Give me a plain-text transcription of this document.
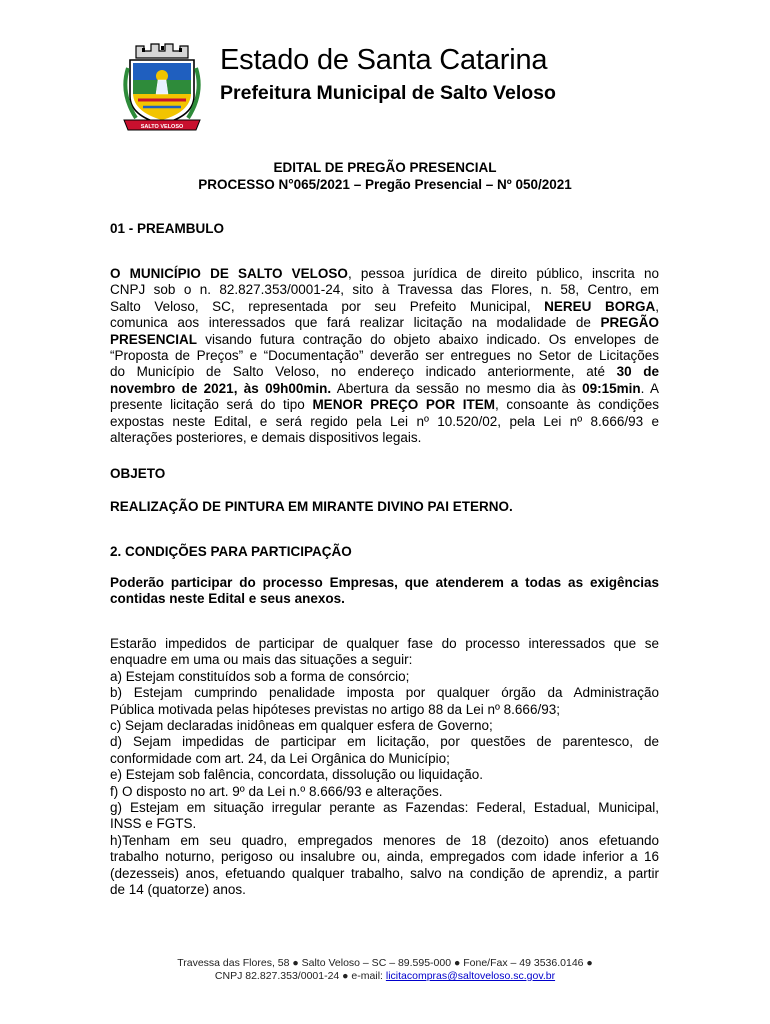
SALTO VELOSO
Estado de Santa Catarina
Prefeitura Municipal de Salto Veloso
EDITAL DE PREGÃO PRESENCIAL
PROCESSO N°065/2021 – Pregão Presencial – Nº 050/2021
01 - PREAMBULO
O MUNICÍPIO DE SALTO VELOSO, pessoa jurídica de direito público, inscrita no
CNPJ sob o n. 82.827.353/0001-24, sito à Travessa das Flores, n. 58, Centro, em
Salto Veloso, SC, representada por seu Prefeito Municipal, NEREU BORGA,
comunica aos interessados que fará realizar licitação na modalidade de PREGÃO
PRESENCIAL visando futura contração do objeto abaixo indicado. Os envelopes de
“Proposta de Preços” e “Documentação” deverão ser entregues no Setor de Licitações
do Município de Salto Veloso, no endereço indicado anteriormente, até 30 de
novembro de 2021, às 09h00min. Abertura da sessão no mesmo dia às 09:15min. A
presente licitação será do tipo MENOR PREÇO POR ITEM, consoante às condições
expostas neste Edital, e será regido pela Lei nº 10.520/02, pela Lei nº 8.666/93 e
alterações posteriores, e demais dispositivos legais.
OBJETO
REALIZAÇÃO DE PINTURA EM MIRANTE DIVINO PAI ETERNO.
2. CONDIÇÕES PARA PARTICIPAÇÃO
Poderão participar do processo Empresas, que atenderem a todas as exigências
contidas neste Edital e seus anexos.
Estarão impedidos de participar de qualquer fase do processo interessados que se
enquadre em uma ou mais das situações a seguir:
a) Estejam constituídos sob a forma de consórcio;
b) Estejam cumprindo penalidade imposta por qualquer órgão da Administração
Pública motivada pelas hipóteses previstas no artigo 88 da Lei nº 8.666/93;
c) Sejam declaradas inidôneas em qualquer esfera de Governo;
d) Sejam impedidas de participar em licitação, por questões de parentesco, de
conformidade com art. 24, da Lei Orgânica do Município;
e) Estejam sob falência, concordata, dissolução ou liquidação.
f) O disposto no art. 9º da Lei n.º 8.666/93 e alterações.
g) Estejam em situação irregular perante as Fazendas: Federal, Estadual, Municipal,
INSS e FGTS.
h)Tenham em seu quadro, empregados menores de 18 (dezoito) anos efetuando
trabalho noturno, perigoso ou insalubre ou, ainda, empregados com idade inferior a 16
(dezesseis) anos, efetuando qualquer trabalho, salvo na condição de aprendiz, a partir
de 14 (quatorze) anos.
Travessa das Flores, 58 ● Salto Veloso – SC – 89.595-000 ● Fone/Fax – 49 3536.0146 ●
CNPJ 82.827.353/0001-24 ● e-mail: licitacompras@saltoveloso.sc.gov.br
